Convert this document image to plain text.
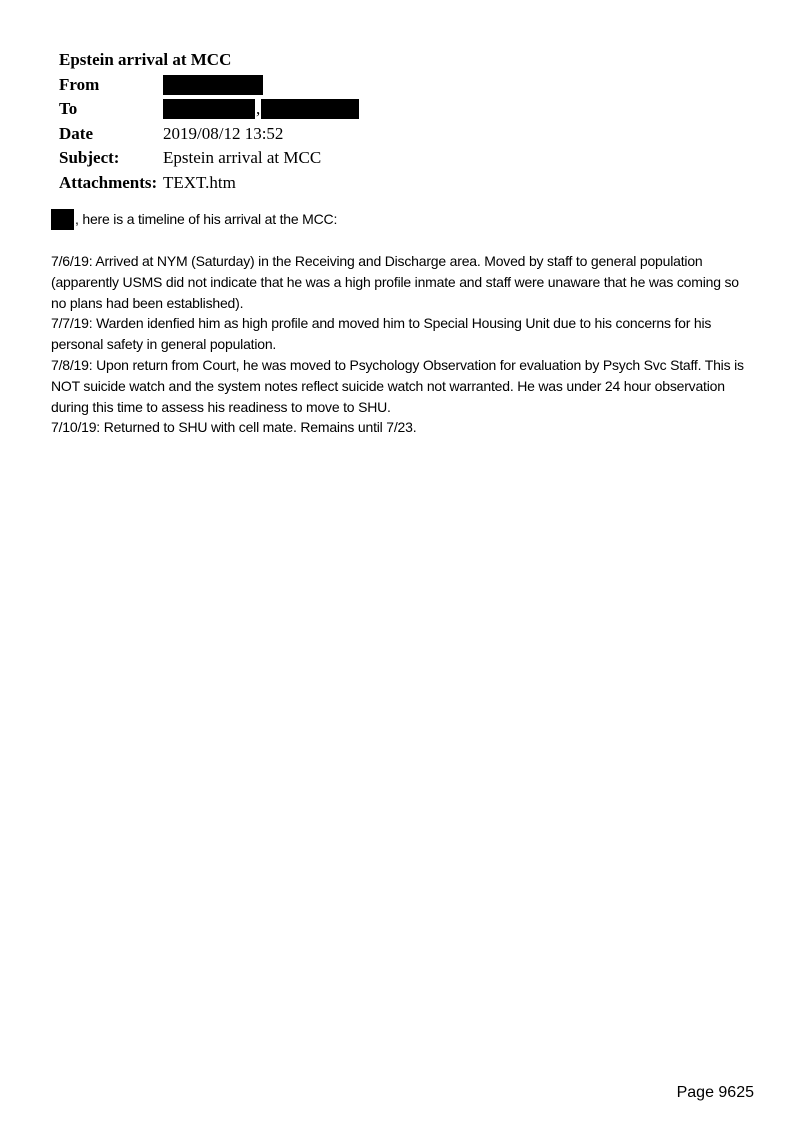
Epstein arrival at MCC
From
To	,
Date	2019/08/12 13:52
Subject:	Epstein arrival at MCC
Attachments: TEXT.htm
, here is a timeline of his arrival at the MCC:

7/6/19: Arrived at NYM (Saturday) in the Receiving and Discharge area. Moved by staff to general population (apparently USMS did not indicate that he was a high profile inmate and staff were unaware that he was coming so no plans had been established).

7/7/19: Warden idenfied him as high profile and moved him to Special Housing Unit due to his concerns for his personal safety in general population.

7/8/19: Upon return from Court, he was moved to Psychology Observation for evaluation by Psych Svc Staff. This is NOT suicide watch and the system notes reflect suicide watch not warranted. He was under 24 hour observation during this time to assess his readiness to move to SHU.

7/10/19: Returned to SHU with cell mate. Remains until 7/23.

Page 9625
